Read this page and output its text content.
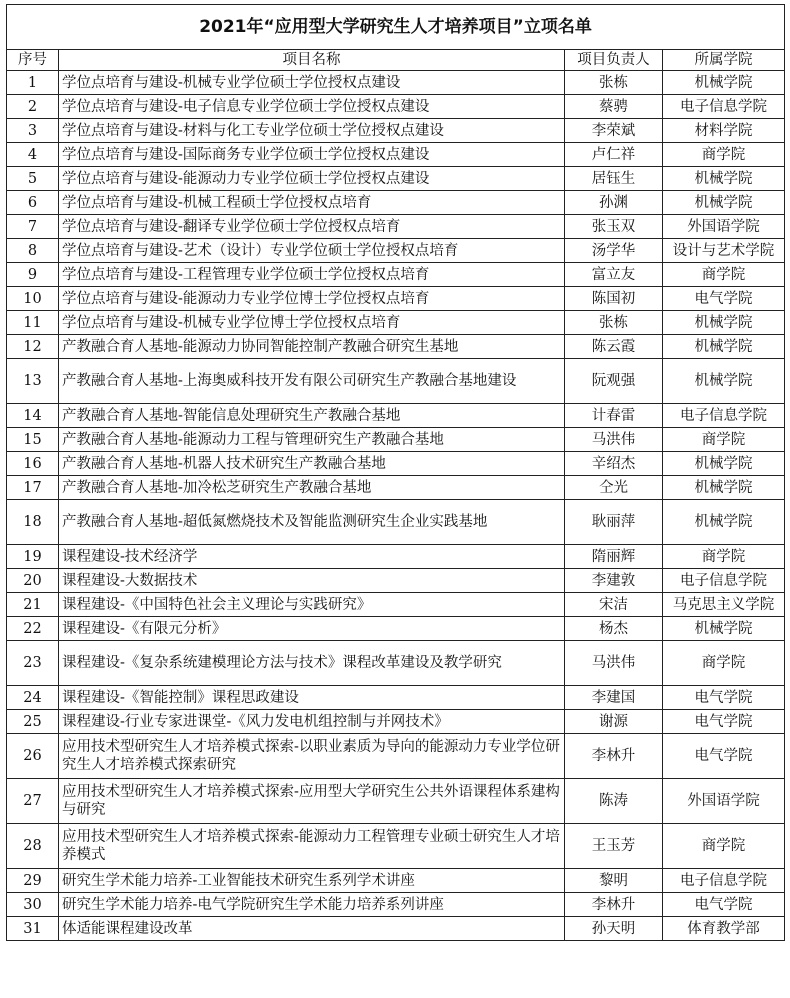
2021年“应用型大学研究生人才培养项目”立项名单			
序号	项目名称	项目负责人	所属学院
1	学位点培育与建设-机械专业学位硕士学位授权点建设	张栋	机械学院
2	学位点培育与建设-电子信息专业学位硕士学位授权点建设	蔡骋	电子信息学院
3	学位点培育与建设-材料与化工专业学位硕士学位授权点建设	李荣斌	材料学院
4	学位点培育与建设-国际商务专业学位硕士学位授权点建设	卢仁祥	商学院
5	学位点培育与建设-能源动力专业学位硕士学位授权点建设	居钰生	机械学院
6	学位点培育与建设-机械工程硕士学位授权点培育	孙渊	机械学院
7	学位点培育与建设-翻译专业学位硕士学位授权点培育	张玉双	外国语学院
8	学位点培育与建设-艺术（设计）专业学位硕士学位授权点培育	汤学华	设计与艺术学院
9	学位点培育与建设-工程管理专业学位硕士学位授权点培育	富立友	商学院
10	学位点培育与建设-能源动力专业学位博士学位授权点培育	陈国初	电气学院
11	学位点培育与建设-机械专业学位博士学位授权点培育	张栋	机械学院
12	产教融合育人基地-能源动力协同智能控制产教融合研究生基地	陈云霞	机械学院
13	产教融合育人基地-上海奥威科技开发有限公司研究生产教融合基地建设	阮观强	机械学院
14	产教融合育人基地-智能信息处理研究生产教融合基地	计春雷	电子信息学院
15	产教融合育人基地-能源动力工程与管理研究生产教融合基地	马洪伟	商学院
16	产教融合育人基地-机器人技术研究生产教融合基地	辛绍杰	机械学院
17	产教融合育人基地-加冷松芝研究生产教融合基地	仝光	机械学院
18	产教融合育人基地-超低氮燃烧技术及智能监测研究生企业实践基地	耿丽萍	机械学院
19	课程建设-技术经济学	隋丽辉	商学院
20	课程建设-大数据技术	李建敦	电子信息学院
21	课程建设-《中国特色社会主义理论与实践研究》	宋洁	马克思主义学院
22	课程建设-《有限元分析》	杨杰	机械学院
23	课程建设-《复杂系统建模理论方法与技术》课程改革建设及教学研究	马洪伟	商学院
24	课程建设-《智能控制》课程思政建设	李建国	电气学院
25	课程建设-行业专家进课堂-《风力发电机组控制与并网技术》	谢源	电气学院
26	应用技术型研究生人才培养模式探索-以职业素质为导向的能源动力专业学位研究生人才培养模式探索研究	李林升	电气学院
27	应用技术型研究生人才培养模式探索-应用型大学研究生公共外语课程体系建构与研究	陈涛	外国语学院
28	应用技术型研究生人才培养模式探索-能源动力工程管理专业硕士研究生人才培养模式	王玉芳	商学院
29	研究生学术能力培养-工业智能技术研究生系列学术讲座	黎明	电子信息学院
30	研究生学术能力培养-电气学院研究生学术能力培养系列讲座	李林升	电气学院
31	体适能课程建设改革	孙天明	体育教学部
